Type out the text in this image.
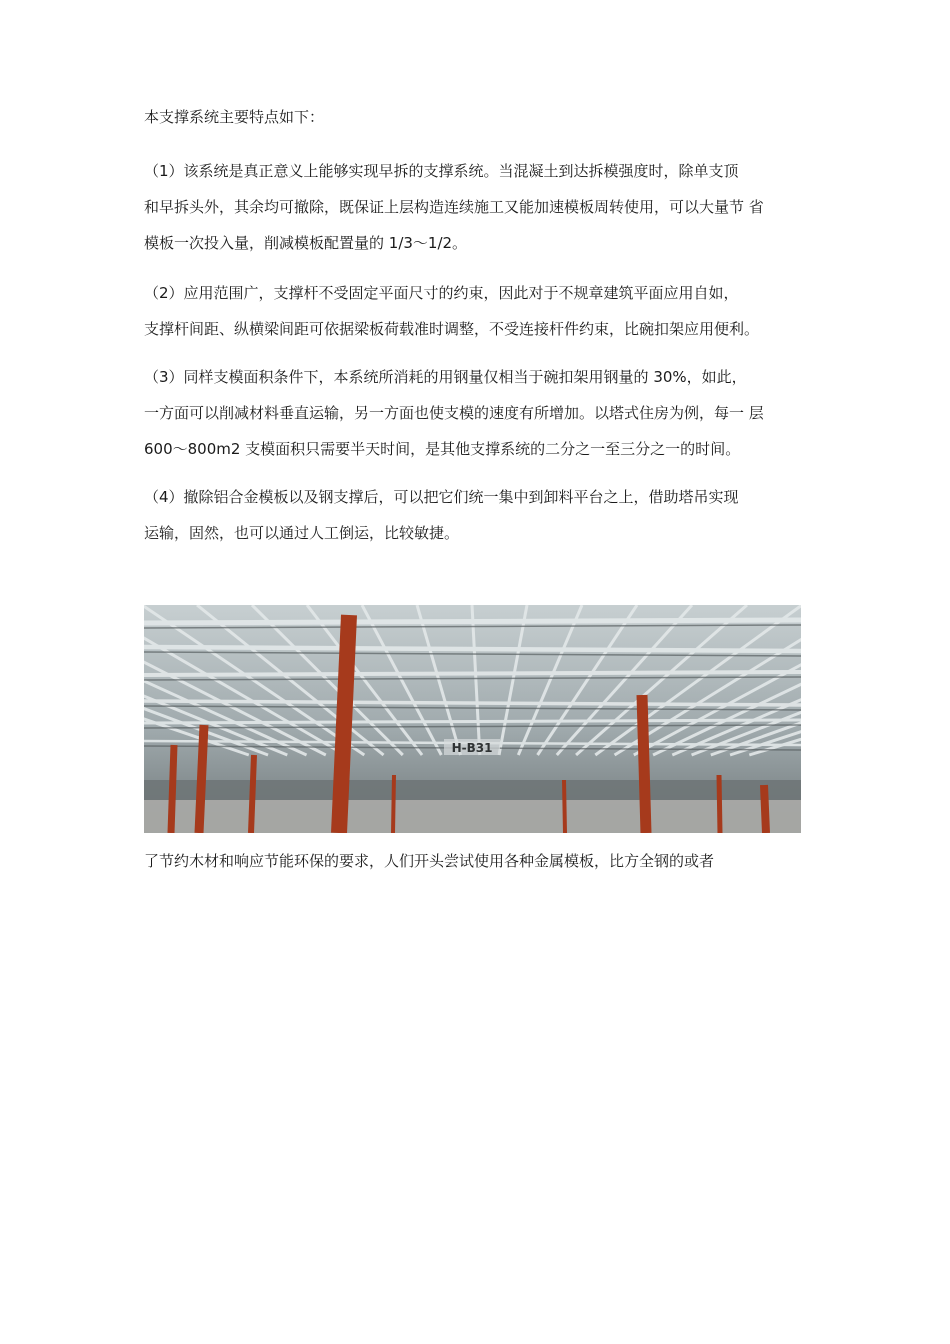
本支撑系统主要特点如下：
（1）该系统是真正意义上能够实现早拆的支撑系统。当混凝土到达拆模强度时，除单支顶
和早拆头外，其余均可撤除，既保证上层构造连续施工又能加速模板周转使用，可以大量节 省
模板一次投入量，削减模板配置量的 1/3～1/2。
（2）应用范围广，支撑杆不受固定平面尺寸的约束，因此对于不规章建筑平面应用自如，
支撑杆间距、纵横梁间距可依据梁板荷载准时调整，不受连接杆件约束，比碗扣架应用便利。
（3）同样支模面积条件下，本系统所消耗的用钢量仅相当于碗扣架用钢量的 30%，如此，
一方面可以削减材料垂直运输，另一方面也使支模的速度有所增加。以塔式住房为例，每一 层
600～800m2 支模面积只需要半天时间，是其他支撑系统的二分之一至三分之一的时间。
（4）撤除铝合金模板以及钢支撑后，可以把它们统一集中到卸料平台之上，借助塔吊实现
运输，固然，也可以通过人工倒运，比较敏捷。
H-B31
了节约木材和响应节能环保的要求，人们开头尝试使用各种金属模板，比方全钢的或者
